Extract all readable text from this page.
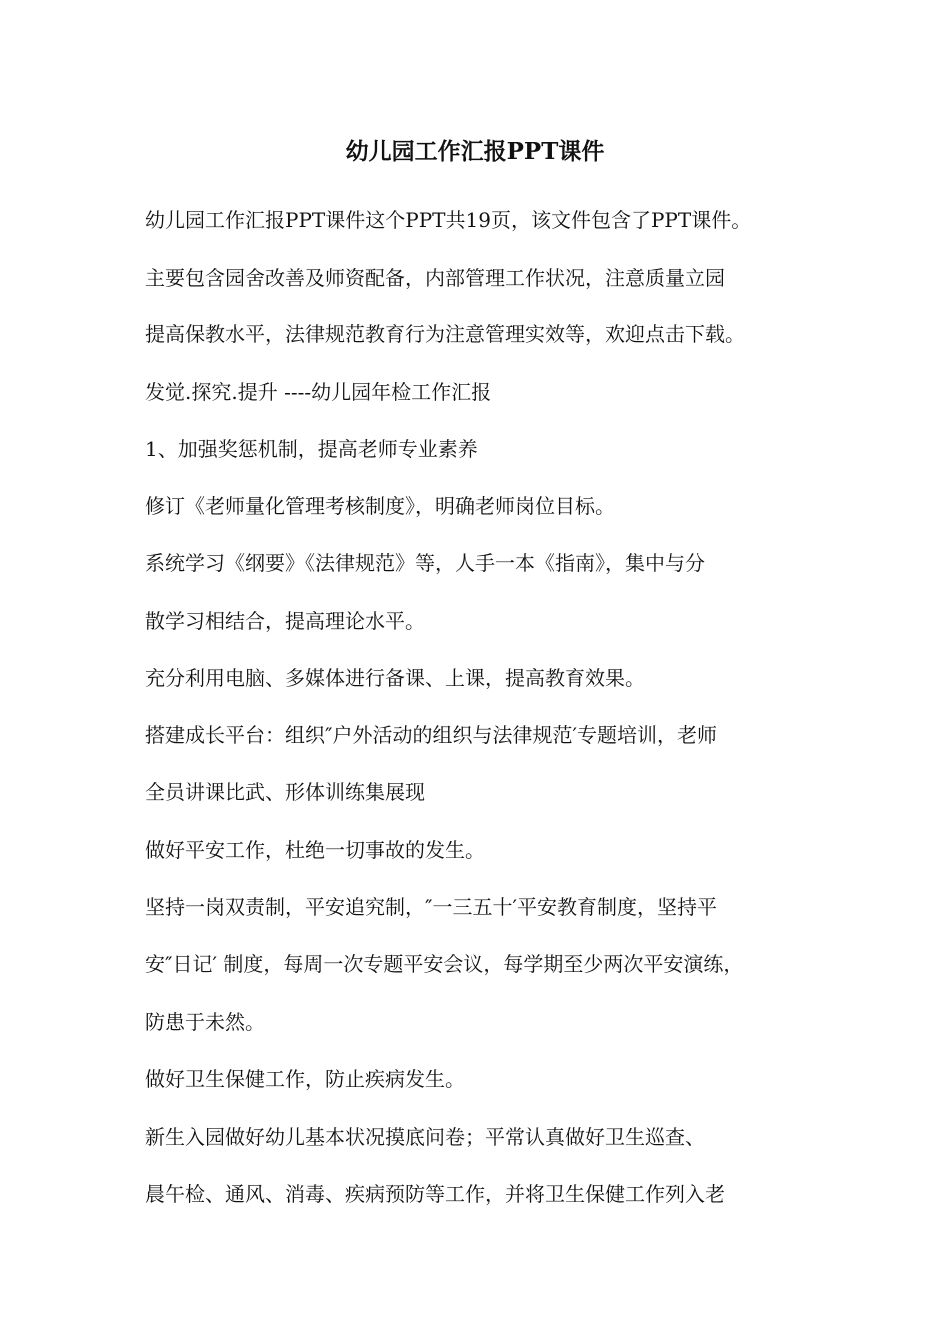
幼儿园工作汇报PPT课件
幼儿园工作汇报PPT课件这个PPT共19页，该文件包含了PPT课件。
主要包含园舍改善及师资配备，内部管理工作状况，注意质量立园
提高保教水平，法律规范教育行为注意管理实效等，欢迎点击下载。
发觉.探究.提升 ----幼儿园年检工作汇报
1、加强奖惩机制，提高老师专业素养
修订《老师量化管理考核制度》，明确老师岗位目标。
系统学习《纲要》《法律规范》等，人手一本《指南》，集中与分
散学习相结合，提高理论水平。
充分利用电脑、多媒体进行备课、上课，提高教育效果。
搭建成长平台：组织″户外活动的组织与法律规范′专题培训，老师
全员讲课比武、形体训练集展现
做好平安工作，杜绝一切事故的发生。
坚持一岗双责制，平安追究制，″一三五十′平安教育制度，坚持平
安″日记′ 制度，每周一次专题平安会议，每学期至少两次平安演练，
防患于未然。
做好卫生保健工作，防止疾病发生。
新生入园做好幼儿基本状况摸底问卷；平常认真做好卫生巡查、
晨午检、通风、消毒、疾病预防等工作，并将卫生保健工作列入老
